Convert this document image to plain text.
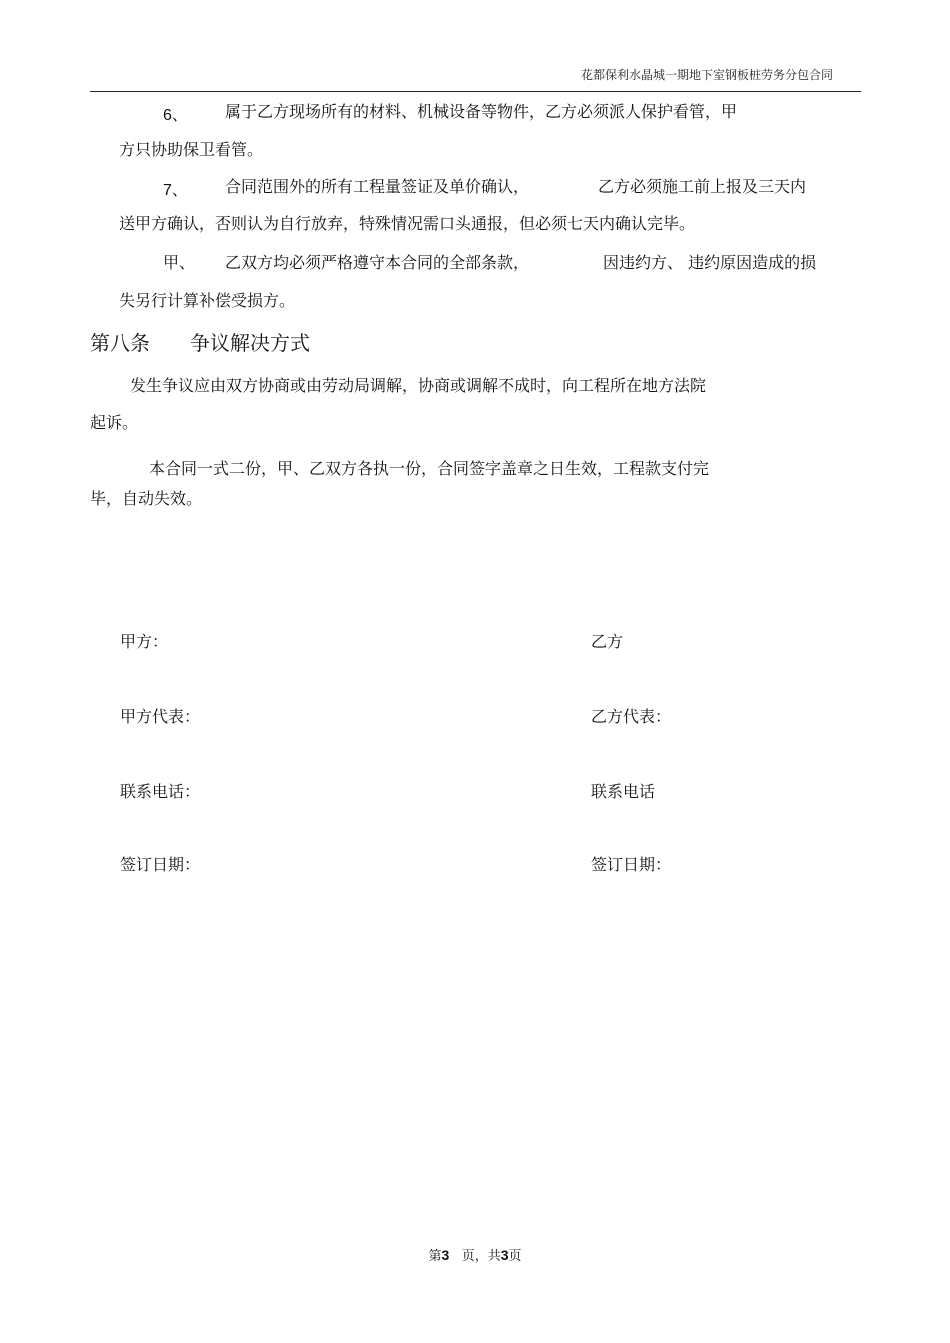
花都保利水晶城一期地下室钢板桩劳务分包合同
6、 属于乙方现场所有的材料、机械设备等物件，乙方必须派人保护看管，甲
方只协助保卫看管。
7、 合同范围外的所有工程量签证及单价确认，	乙方必须施工前上报及三天内
送甲方确认，否则认为自行放弃，特殊情况需口头通报，但必须七天内确认完毕。
甲、 乙双方均必须严格遵守本合同的全部条款，	因违约方、 违约原因造成的损
失另行计算补偿受损方。
第八条 争议解决方式
发生争议应由双方协商或由劳动局调解，协商或调解不成时，向工程所在地方法院
起诉。
本合同一式二份，甲、乙双方各执一份，合同签字盖章之日生效，工程款支付完
毕，自动失效。
甲方：	乙方
甲方代表：	乙方代表：
联系电话：	联系电话
签订日期：	签订日期：
第3 页，共3页
